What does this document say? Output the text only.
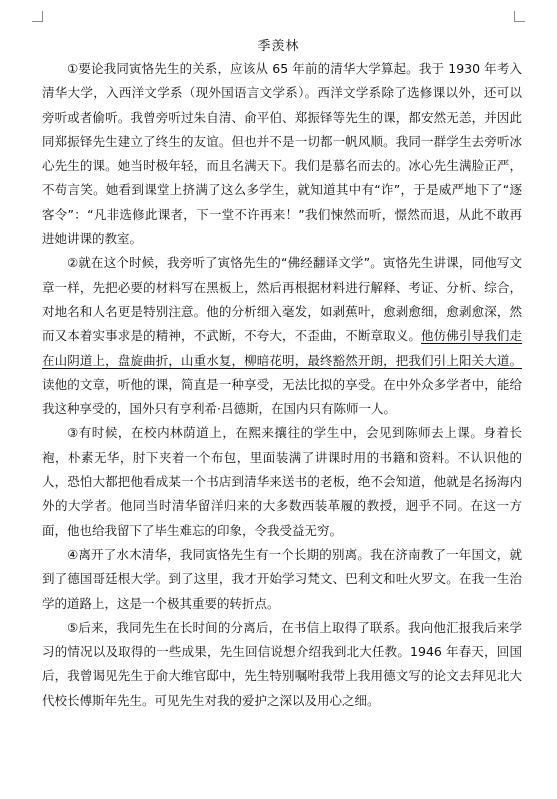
季羡林

①要论我同寅恪先生的关系，应该从 65 年前的清华大学算起。我于 1930 年考入清华大学，入西洋文学系（现外国语言文学系）。西洋文学系除了选修课以外，还可以旁听或者偷听。我曾旁听过朱自清、俞平伯、郑振铎等先生的课，都安然无恙，并因此同郑振铎先生建立了终生的友谊。但也并不是一切都一帆风顺。我同一群学生去旁听冰心先生的课。她当时极年轻，而且名满天下。我们是慕名而去的。冰心先生满脸正严，不苟言笑。她看到课堂上挤满了这么多学生，就知道其中有“诈”，于是威严地下了“逐客令”：“凡非选修此课者，下一堂不许再来！”我们悚然而听，憬然而退，从此不敢再进她讲课的教室。

②就在这个时候，我旁听了寅恪先生的“佛经翻译文学”。寅恪先生讲课，同他写文章一样，先把必要的材料写在黑板上，然后再根据材料进行解释、考证、分析、综合，对地名和人名更是特别注意。他的分析细入毫发，如剥蕉叶，愈剥愈细，愈剥愈深，然而又本着实事求是的精神，不武断，不夸大，不歪曲，不断章取义。他仿佛引导我们走在山阴道上，盘旋曲折，山重水复，柳暗花明，最终豁然开朗，把我们引上阳关大道。读他的文章，听他的课，简直是一种享受，无法比拟的享受。在中外众多学者中，能给我这种享受的，国外只有亨利希·吕德斯，在国内只有陈师一人。

③有时候，在校内林荫道上，在熙来攘往的学生中，会见到陈师去上课。身着长袍，朴素无华，肘下夹着一个布包，里面装满了讲课时用的书籍和资料。不认识他的人，恐怕大都把他看成某一个书店到清华来送书的老板，绝不会知道，他就是名扬海内外的大学者。他同当时清华留洋归来的大多数西装革履的教授，迥乎不同。在这一方面，他也给我留下了毕生难忘的印象，令我受益无穷。

④离开了水木清华，我同寅恪先生有一个长期的别离。我在济南教了一年国文，就到了德国哥廷根大学。到了这里，我才开始学习梵文、巴利文和吐火罗文。在我一生治学的道路上，这是一个极其重要的转折点。

⑤后来，我同先生在长时间的分离后，在书信上取得了联系。我向他汇报我后来学习的情况以及取得的一些成果，先生回信说想介绍我到北大任教。1946 年春天，回国后，我曾谒见先生于俞大维官邸中，先生特别嘱咐我带上我用德文写的论文去拜见北大代校长傅斯年先生。可见先生对我的爱护之深以及用心之细。
